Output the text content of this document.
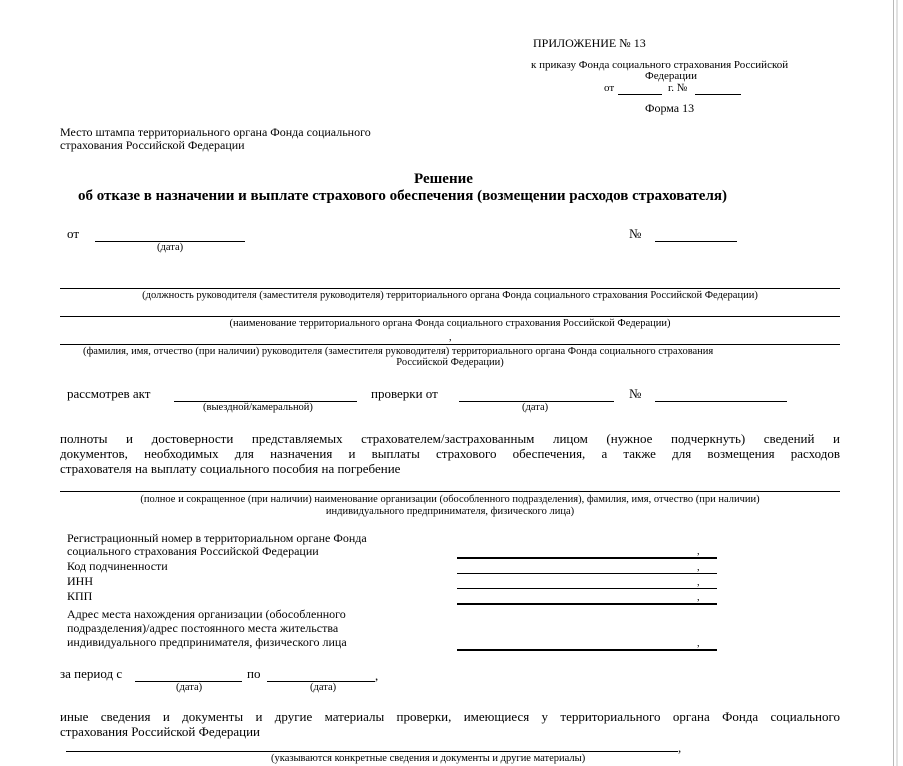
ПРИЛОЖЕНИЕ № 13
к приказу Фонда социального страхования Российской
Федерации
от	г. №
Форма 13
Место штампа территориального органа Фонда социального
страхования Российской Федерации
Решение
об отказе в назначении и выплате страхового обеспечения (возмещении расходов страхователя)
от
(дата)
№
(должность руководителя (заместителя руководителя) территориального органа Фонда социального страхования Российской Федерации)
(наименование территориального органа Фонда социального страхования Российской Федерации)
,
(фамилия, имя, отчество (при наличии) руководителя (заместителя руководителя) территориального органа Фонда социального страхования
Российской Федерации)
рассмотрев акт
(выездной/камеральной)
проверки от
(дата)
№
полноты и достоверности представляемых страхователем/застрахованным лицом (нужное подчеркнуть) сведений и
документов, необходимых для назначения и выплаты страхового обеспечения, а также для возмещения расходов
страхователя на выплату социального пособия на погребение
(полное и сокращенное (при наличии) наименование организации (обособленного подразделения), фамилия, имя, отчество (при наличии)
индивидуального предпринимателя, физического лица)
Регистрационный номер в территориальном органе Фонда
социального страхования Российской Федерации	,
Код подчиненности	,
ИНН	,
КПП	,
Адрес места нахождения организации (обособленного
подразделения)/адрес постоянного места жительства
индивидуального предпринимателя, физического лица	,
за период с
(дата)
по	,
(дата)
иные сведения и документы и другие материалы проверки, имеющиеся у территориального органа Фонда социального
страхования Российской Федерации
,
(указываются конкретные сведения и документы и другие материалы)
